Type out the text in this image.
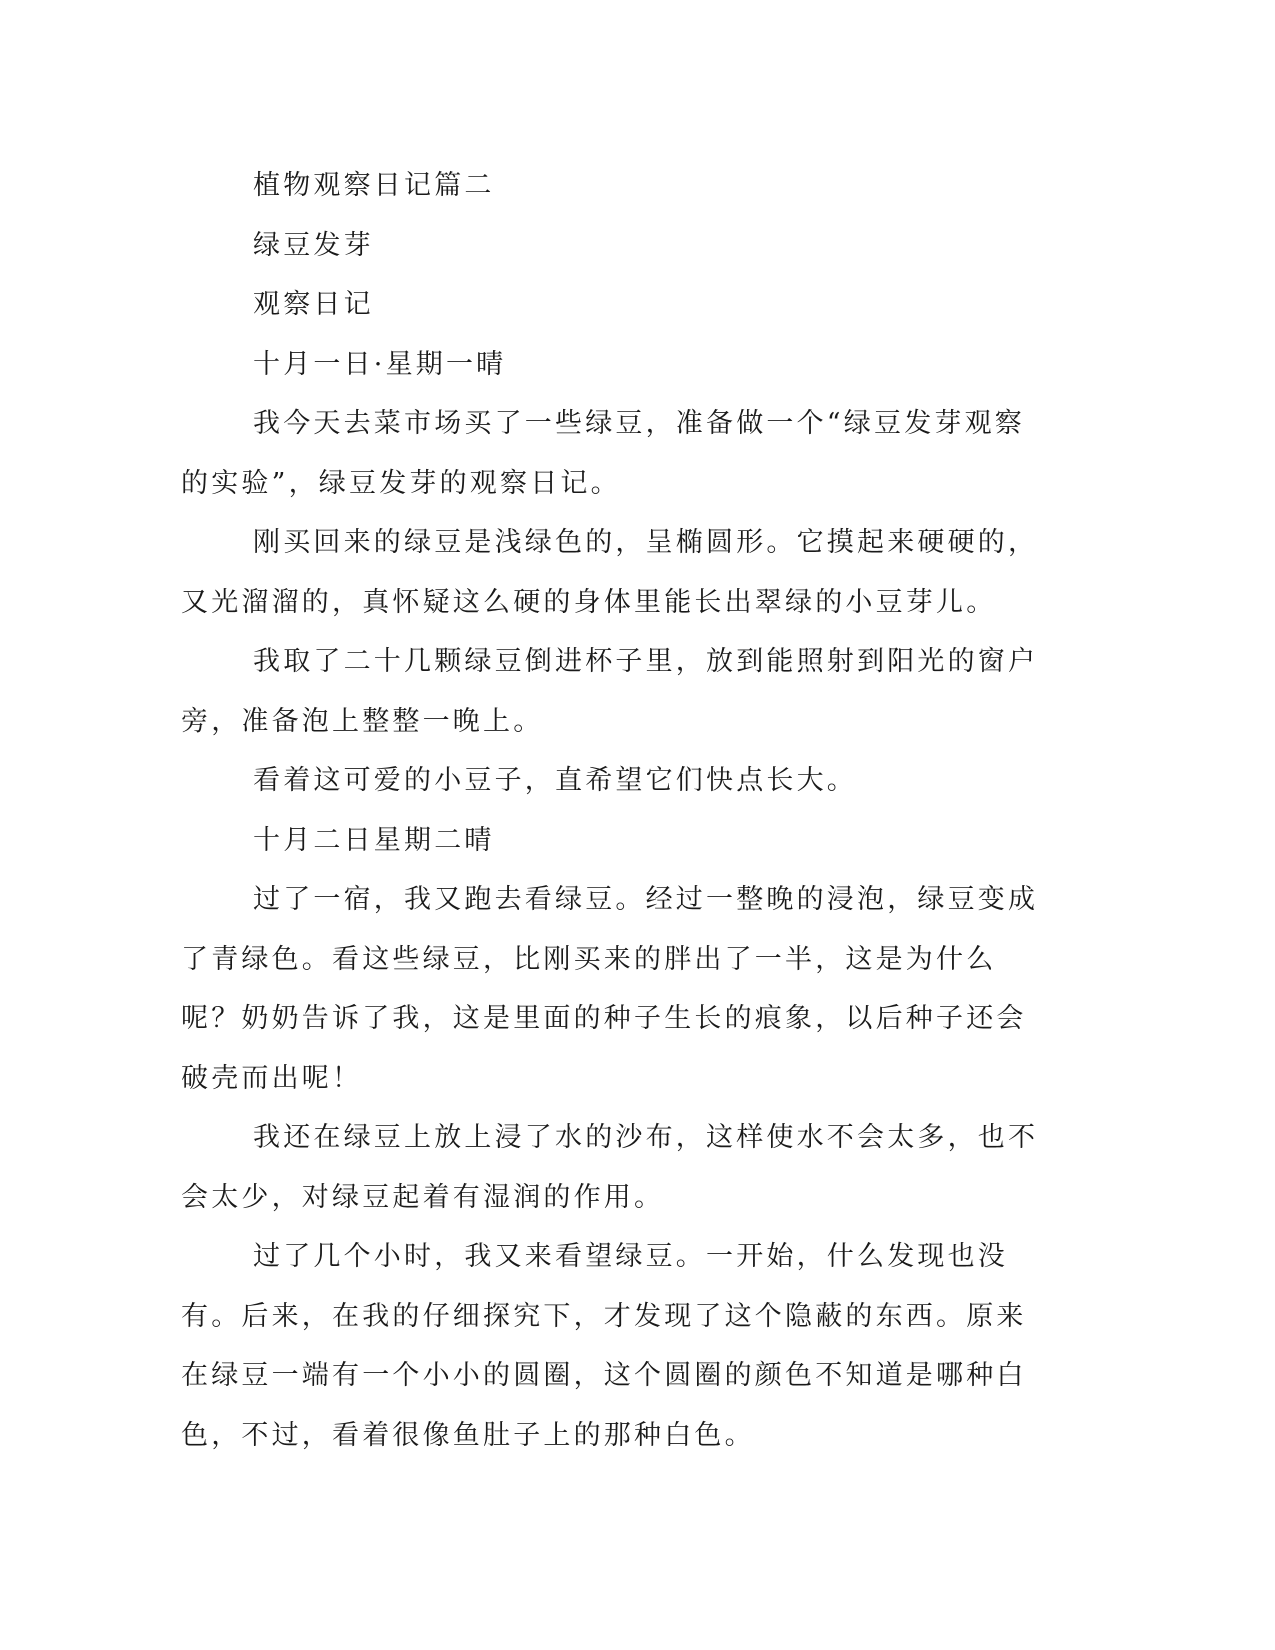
植物观察日记篇二

绿豆发芽

观察日记

十月一日·星期一晴

我今天去菜市场买了一些绿豆，准备做一个“绿豆发芽观察的实验”，绿豆发芽的观察日记。

刚买回来的绿豆是浅绿色的，呈椭圆形。它摸起来硬硬的，又光溜溜的，真怀疑这么硬的身体里能长出翠绿的小豆芽儿。

我取了二十几颗绿豆倒进杯子里，放到能照射到阳光的窗户旁，准备泡上整整一晚上。

看着这可爱的小豆子，直希望它们快点长大。

十月二日星期二晴

过了一宿，我又跑去看绿豆。经过一整晚的浸泡，绿豆变成了青绿色。看这些绿豆，比刚买来的胖出了一半，这是为什么呢？奶奶告诉了我，这是里面的种子生长的痕象，以后种子还会破壳而出呢！

我还在绿豆上放上浸了水的沙布，这样使水不会太多，也不会太少，对绿豆起着有湿润的作用。

过了几个小时，我又来看望绿豆。一开始，什么发现也没有。后来，在我的仔细探究下，才发现了这个隐蔽的东西。原来在绿豆一端有一个小小的圆圈，这个圆圈的颜色不知道是哪种白色，不过，看着很像鱼肚子上的那种白色。
